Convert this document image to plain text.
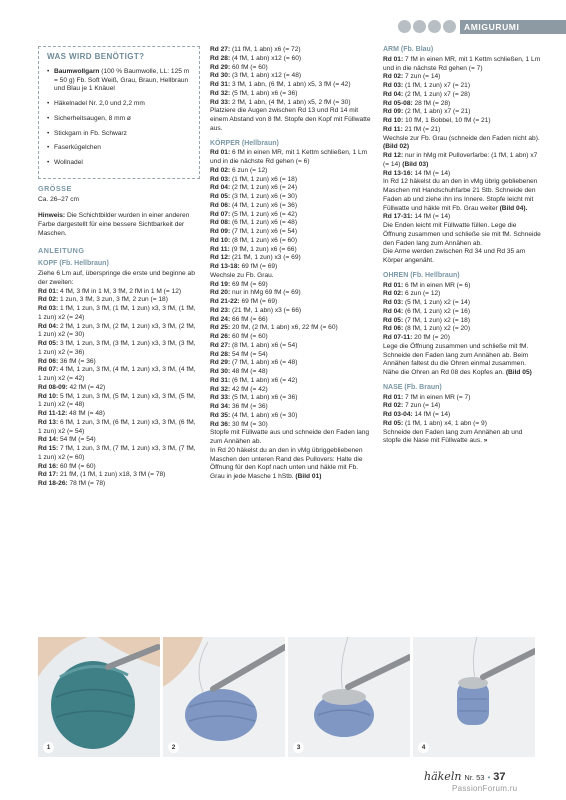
AMIGURUMI
WAS WIRD BENÖTIGT?
• Baumwollgarn (100 % Baumwolle, LL: 125 m = 50 g) Fb. Soft Weiß, Grau, Braun, Hellbraun und Blau je 1 Knäuel
• Häkelnadel Nr. 2,0 und 2,2 mm
• Sicherheitsaugen, 8 mm ø
• Stickgarn in Fb. Schwarz
• Faserkügelchen
• Wollnadel
GRÖSSE
Ca. 26–27 cm
Hinweis: Die Schichtbilder wurden in einer anderen Farbe dargestellt für eine bessere Sichtbarkeit der Maschen.
ANLEITUNG
KOPF (Fb. Hellbraun)
Ziehe 6 Lm auf, überspringe die erste und beginne ab der zweiten:
Rd 01: 4 fM, 3 fM in 1 M, 3 fM, 2 fM in 1 M (= 12)
Rd 02: 1 zun, 3 fM, 3 zun, 3 fM, 2 zun (= 18)
Rd 03: 1 fM, 1 zun, 3 fM, (1 fM, 1 zun) x3, 3 fM, (1 fM, 1 zun) x2 (= 24)
Rd 04: 2 fM, 1 zun, 3 fM, (2 fM, 1 zun) x3, 3 fM, (2 fM, 1 zun) x2 (= 30)
Rd 05: 3 fM, 1 zun, 3 fM, (3 fM, 1 zun) x3, 3 fM, (3 fM, 1 zun) x2 (= 36)
Rd 06: 36 fM (= 36)
Rd 07: 4 fM, 1 zun, 3 fM, (4 fM, 1 zun) x3, 3 fM, (4 fM, 1 zun) x2 (= 42)
Rd 08-09: 42 fM (= 42)
Rd 10: 5 fM, 1 zun, 3 fM, (5 fM, 1 zun) x3, 3 fM, (5 fM, 1 zun) x2 (= 48)
Rd 11-12: 48 fM (= 48)
Rd 13: 6 fM, 1 zun, 3 fM, (6 fM, 1 zun) x3, 3 fM, (6 fM, 1 zun) x2 (= 54)
Rd 14: 54 fM (= 54)
Rd 15: 7 fM, 1 zun, 3 fM, (7 fM, 1 zun) x3, 3 fM, (7 fM, 1 zun) x2 (= 60)
Rd 16: 60 fM (= 60)
Rd 17: 21 fM, (1 fM, 1 zun) x18, 3 fM (= 78)
Rd 18-26: 78 fM (= 78)
Rd 27: (11 fM, 1 abn) x6 (= 72)
Rd 28: (4 fM, 1 abn) x12 (= 60)
Rd 29: 60 fM (= 60)
Rd 30: (3 fM, 1 abn) x12 (= 48)
Rd 31: 3 fM, 1 abn, (6 fM, 1 abn) x5, 3 fM (= 42)
Rd 32: (5 fM, 1 abn) x6 (= 36)
Rd 33: 2 fM, 1 abn, (4 fM, 1 abn) x5, 2 fM (= 30)
Platziere die Augen zwischen Rd 13 und Rd 14 mit einem Abstand von 8 fM. Stopfe den Kopf mit Füllwatte aus.
KÖRPER (Hellbraun)
Rd 01: 6 fM in einen MR, mit 1 Kettm schließen, 1 Lm und in die nächste Rd gehen (= 6)
Rd 02: 6 zun (= 12)
Rd 03: (1 fM, 1 zun) x6 (= 18)
Rd 04: (2 fM, 1 zun) x6 (= 24)
Rd 05: (3 fM, 1 zun) x6 (= 30)
Rd 06: (4 fM, 1 zun) x6 (= 36)
Rd 07: (5 fM, 1 zun) x6 (= 42)
Rd 08: (6 fM, 1 zun) x6 (= 48)
Rd 09: (7 fM, 1 zun) x6 (= 54)
Rd 10: (8 fM, 1 zun) x6 (= 60)
Rd 11: (9 fM, 1 zun) x6 (= 66)
Rd 12: (21 fM, 1 zun) x3 (= 69)
Rd 13-18: 69 fM (= 69)
Wechsle zu Fb. Grau.
Rd 19: 69 fM (= 69)
Rd 20: nur in hMg 69 fM (= 69)
Rd 21-22: 69 fM (= 69)
Rd 23: (21 fM, 1 abn) x3 (= 66)
Rd 24: 66 fM (= 66)
Rd 25: 20 fM, (2 fM, 1 abn) x6, 22 fM (= 60)
Rd 26: 60 fM (= 60)
Rd 27: (8 fM, 1 abn) x6 (= 54)
Rd 28: 54 fM (= 54)
Rd 29: (7 fM, 1 abn) x6 (= 48)
Rd 30: 48 fM (= 48)
Rd 31: (6 fM, 1 abn) x6 (= 42)
Rd 32: 42 fM (= 42)
Rd 33: (5 fM, 1 abn) x6 (= 36)
Rd 34: 36 fM (= 36)
Rd 35: (4 fM, 1 abn) x6 (= 30)
Rd 36: 30 fM (= 30)
Stopfe mit Füllwatte aus und schneide den Faden lang zum Annähen ab.
In Rd 20 häkelst du an den in vMg übriggebliebenen Maschen den unteren Rand des Pullovers: Halte die Öffnung für den Kopf nach unten und häkle mit Fb. Grau in jede Masche 1 hStb. (Bild 01)
ARM (Fb. Blau)
Rd 01: 7 fM in einen MR, mit 1 Kettm schließen, 1 Lm und in die nächste Rd gehen (= 7)
Rd 02: 7 zun (= 14)
Rd 03: (1 fM, 1 zun) x7 (= 21)
Rd 04: (2 fM, 1 zun) x7 (= 28)
Rd 05-08: 28 fM (= 28)
Rd 09: (2 fM, 1 abn) x7 (= 21)
Rd 10: 10 fM, 1 Bobbel, 10 fM (= 21)
Rd 11: 21 fM (= 21)
Wechsle zur Fb. Grau (schneide den Faden nicht ab). (Bild 02)
Rd 12: nur in hMg mit Pulloverfarbe: (1 fM, 1 abn) x7 (= 14) (Bild 03)
Rd 13-16: 14 fM (= 14)
In Rd 12 häkelst du an den in vMg übrig gebliebenen Maschen mit Handschuhfarbe 21 Stb. Schneide den Faden ab und ziehe ihn ins Innere. Stopfe leicht mit Füllwatte und häkle mit Fb. Grau weiter (Bild 04).
Rd 17-31: 14 fM (= 14)
Die Enden leicht mit Füllwatte füllen. Lege die Öffnung zusammen und schließe sie mit fM. Schneide den Faden lang zum Annähen ab.
Die Arme werden zwischen Rd 34 und Rd 35 am Körper angenäht.
OHREN (Fb. Hellbraun)
Rd 01: 6 fM in einen MR (= 6)
Rd 02: 6 zun (= 12)
Rd 03: (5 fM, 1 zun) x2 (= 14)
Rd 04: (6 fM, 1 zun) x2 (= 16)
Rd 05: (7 fM, 1 zun) x2 (= 18)
Rd 06: (8 fM, 1 zun) x2 (= 20)
Rd 07-11: 20 fM (= 20)
Lege die Öffnung zusammen und schließe mit fM. Schneide den Faden lang zum Annähen ab. Beim Annähen faltest du die Ohren einmal zusammen. Nähe die Ohren an Rd 08 des Kopfes an. (Bild 05)
NASE (Fb. Braun)
Rd 01: 7 fM in einen MR (= 7)
Rd 02: 7 zun (= 14)
Rd 03-04: 14 fM (= 14)
Rd 05: (1 fM, 1 abn) x4, 1 abn (= 9)
Schneide den Faden lang zum Annähen ab und stopfe die Nase mit Füllwatte aus. »
1	2	3	4
häkeln Nr. 53 • 37
PassionForum.ru
